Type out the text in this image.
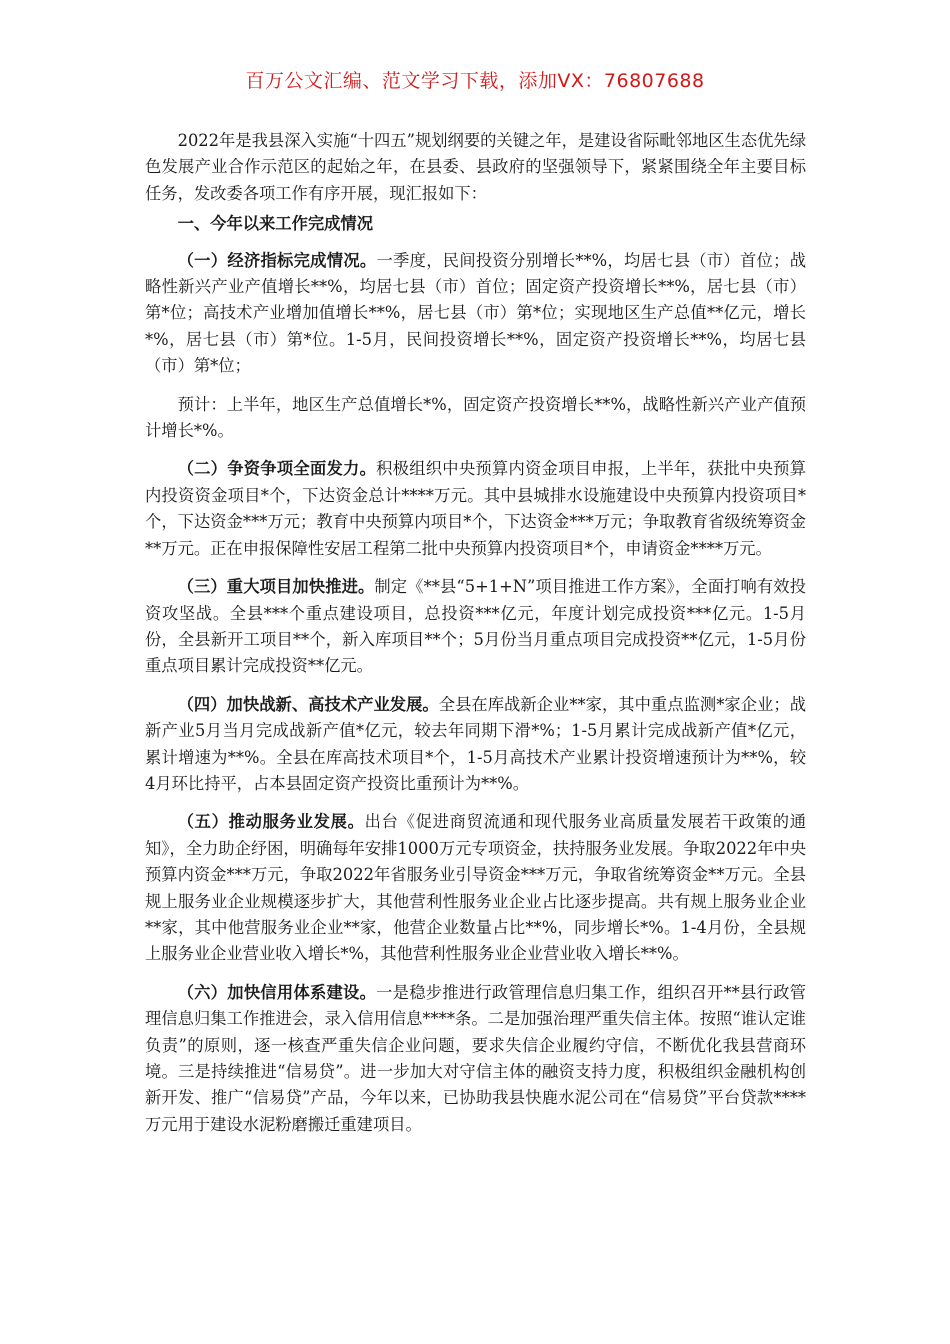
百万公文汇编、范文学习下载，添加VX：76807688

2022年是我县深入实施“十四五”规划纲要的关键之年，是建设省际毗邻地区生态优先绿色发展产业合作示范区的起始之年，在县委、县政府的坚强领导下，紧紧围绕全年主要目标任务，发改委各项工作有序开展，现汇报如下：

一、今年以来工作完成情况

（一）经济指标完成情况。一季度，民间投资分别增长**%，均居七县（市）首位；战略性新兴产业产值增长**%，均居七县（市）首位；固定资产投资增长**%，居七县（市）第*位；高技术产业增加值增长**%，居七县（市）第*位；实现地区生产总值**亿元，增长*%，居七县（市）第*位。1-5月，民间投资增长**%，固定资产投资增长**%，均居七县（市）第*位；

预计：上半年，地区生产总值增长*%，固定资产投资增长**%，战略性新兴产业产值预计增长*%。

（二）争资争项全面发力。积极组织中央预算内资金项目申报，上半年，获批中央预算内投资资金项目*个，下达资金总计****万元。其中县城排水设施建设中央预算内投资项目*个，下达资金***万元；教育中央预算内项目*个，下达资金***万元；争取教育省级统筹资金**万元。正在申报保障性安居工程第二批中央预算内投资项目*个，申请资金****万元。

（三）重大项目加快推进。制定《**县“5+1+N”项目推进工作方案》，全面打响有效投资攻坚战。全县***个重点建设项目，总投资***亿元，年度计划完成投资***亿元。1-5月份，全县新开工项目**个，新入库项目**个；5月份当月重点项目完成投资**亿元，1-5月份重点项目累计完成投资**亿元。

（四）加快战新、高技术产业发展。全县在库战新企业**家，其中重点监测*家企业；战新产业5月当月完成战新产值*亿元，较去年同期下滑*%；1-5月累计完成战新产值*亿元，累计增速为**%。全县在库高技术项目*个，1-5月高技术产业累计投资增速预计为**%，较4月环比持平，占本县固定资产投资比重预计为**%。

（五）推动服务业发展。出台《促进商贸流通和现代服务业高质量发展若干政策的通知》，全力助企纾困，明确每年安排1000万元专项资金，扶持服务业发展。争取2022年中央预算内资金***万元，争取2022年省服务业引导资金***万元，争取省统筹资金**万元。全县规上服务业企业规模逐步扩大，其他营利性服务业企业占比逐步提高。共有规上服务业企业**家，其中他营服务业企业**家，他营企业数量占比**%，同步增长*%。1-4月份，全县规上服务业企业营业收入增长*%，其他营利性服务业企业营业收入增长**%。

（六）加快信用体系建设。一是稳步推进行政管理信息归集工作，组织召开**县行政管理信息归集工作推进会，录入信用信息****条。二是加强治理严重失信主体。按照“谁认定谁负责”的原则，逐一核查严重失信企业问题，要求失信企业履约守信，不断优化我县营商环境。三是持续推进“信易贷”。进一步加大对守信主体的融资支持力度，积极组织金融机构创新开发、推广“信易贷”产品，今年以来，已协助我县快鹿水泥公司在“信易贷”平台贷款****万元用于建设水泥粉磨搬迁重建项目。
